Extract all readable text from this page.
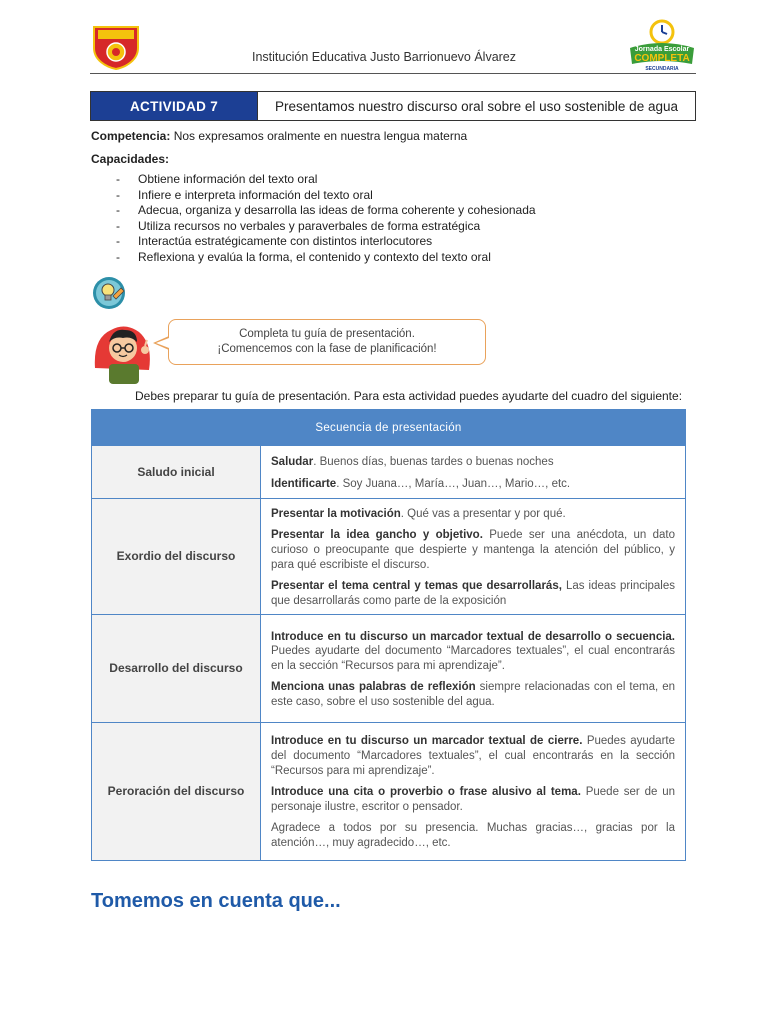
Institución Educativa Justo Barrionuevo Álvarez
Jornada Escolar
COMPLETA
SECUNDARIA
ACTIVIDAD 7	Presentamos nuestro discurso oral sobre el uso sostenible de agua
Competencia: Nos expresamos oralmente en nuestra lengua materna
Capacidades:
- Obtiene información del texto oral
- Infiere e interpreta información del texto oral
- Adecua, organiza y desarrolla las ideas de forma coherente y cohesionada
- Utiliza recursos no verbales y paraverbales de forma estratégica
- Interactúa estratégicamente con distintos interlocutores
- Reflexiona y evalúa la forma, el contenido y contexto del texto oral
Completa tu guía de presentación.
¡Comencemos con la fase de planificación!
Debes preparar tu guía de presentación. Para esta actividad puedes ayudarte del cuadro del siguiente:
Secuencia de presentación	
Saludo inicial	Saludar. Buenos días, buenas tardes o buenas noches

Identificarte. Soy Juana…, María…, Juan…, Mario…, etc.

Exordio del discurso	Presentar la motivación. Qué vas a presentar y por qué.

Presentar la idea gancho y objetivo. Puede ser una anécdota, un dato curioso o preocupante que despierte y mantenga la atención del público, y para qué escribiste el discurso.

Presentar el tema central y temas que desarrollarás, Las ideas principales que desarrollarás como parte de la exposición

Desarrollo del discurso	Introduce en tu discurso un marcador textual de desarrollo o secuencia. Puedes ayudarte del documento “Marcadores textuales”, el cual encontrarás en la sección “Recursos para mi aprendizaje”.

Menciona unas palabras de reflexión siempre relacionadas con el tema, en este caso, sobre el uso sostenible del agua.

Peroración del discurso	Introduce en tu discurso un marcador textual de cierre. Puedes ayudarte del documento “Marcadores textuales”, el cual encontrarás en la sección “Recursos para mi aprendizaje”.

Introduce una cita o proverbio o frase alusivo al tema. Puede ser de un personaje ilustre, escritor o pensador.

Agradece a todos por su presencia. Muchas gracias…, gracias por la atención…, muy agradecido…, etc.

Tomemos en cuenta que...
